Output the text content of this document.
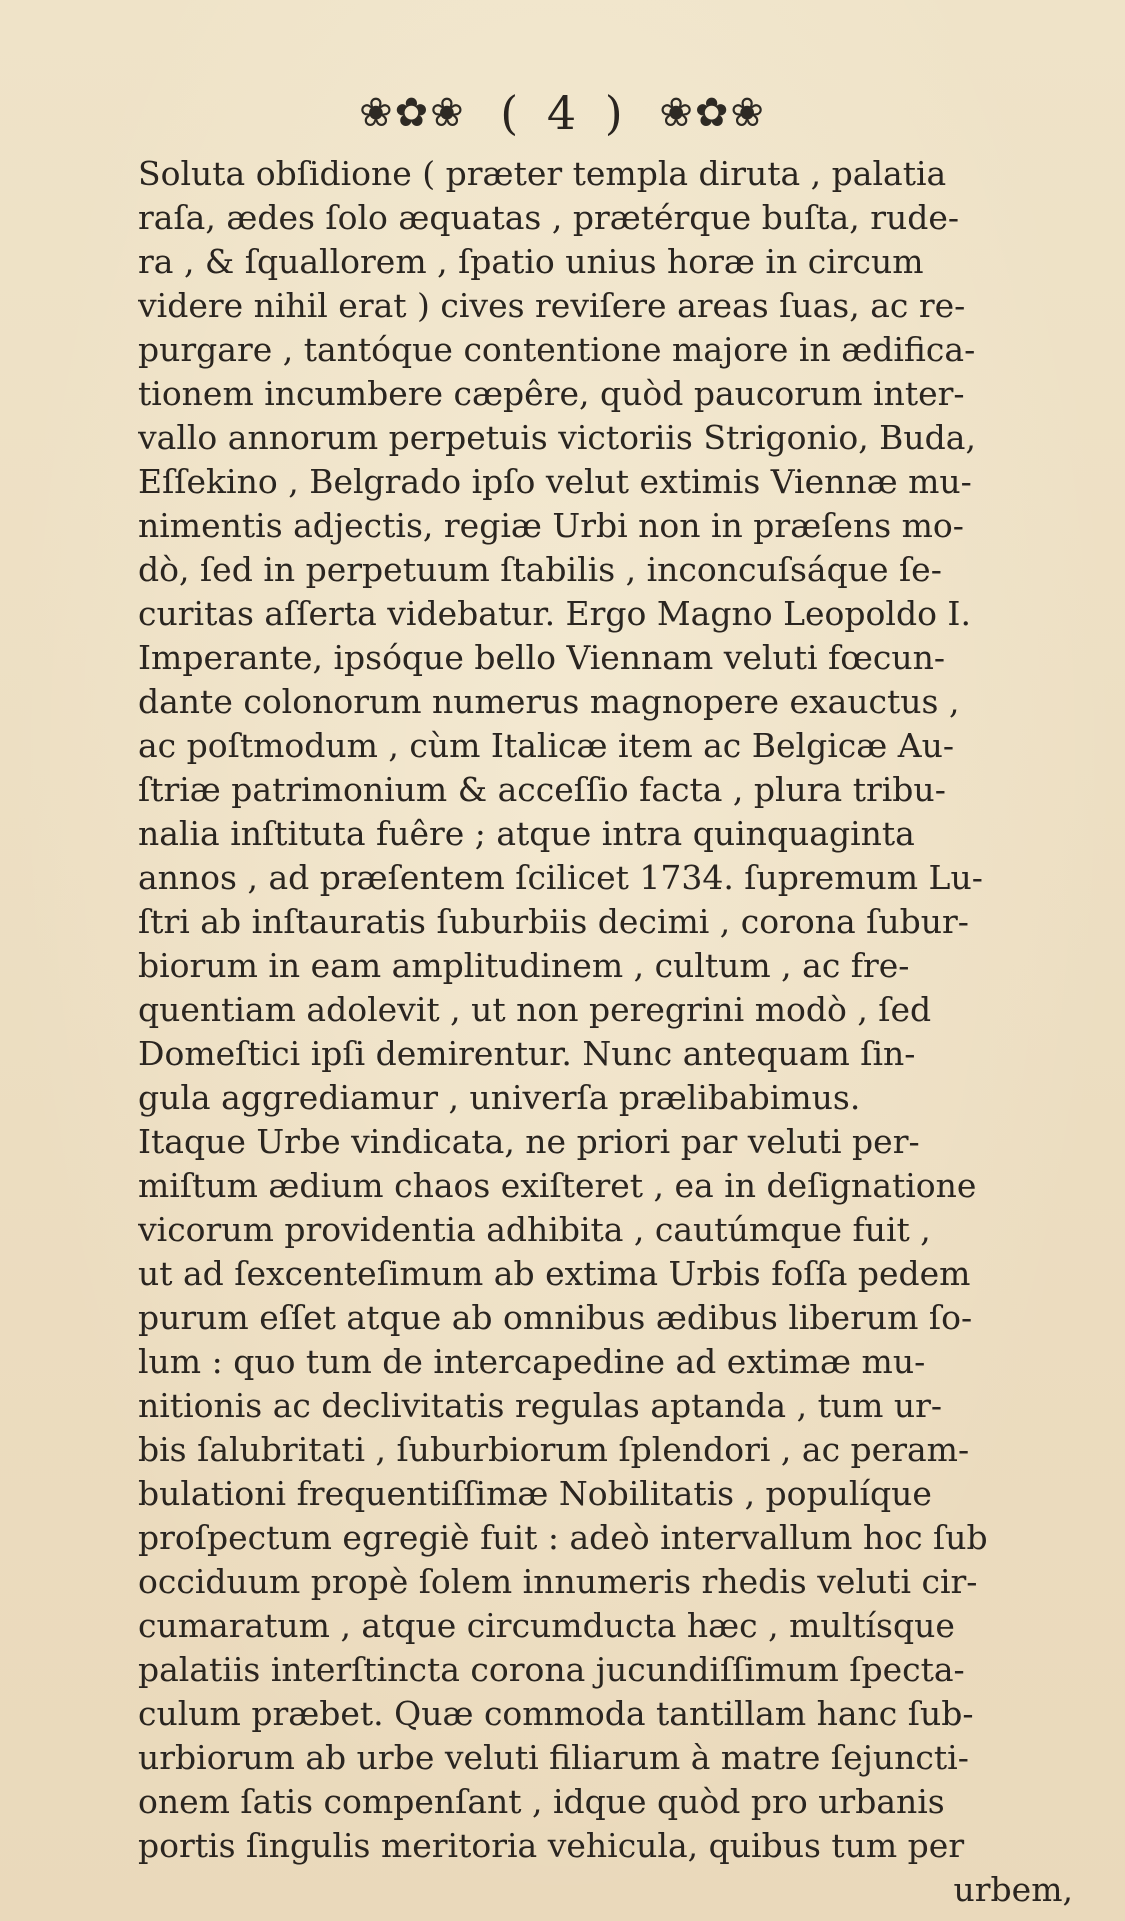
❀✿❀ ( 4 ) ❀✿❀
Soluta obſidione ( præter templa diruta , palatia
raſa, ædes ſolo æquatas , prætérque buſta, rude-
ra , & ſquallorem , ſpatio unius horæ in circum
videre nihil erat ) cives reviſere areas ſuas, ac re-
purgare , tantóque contentione majore in ædifica-
tionem incumbere cæpêre, quòd paucorum inter-
vallo annorum perpetuis victoriis Strigonio, Buda,
Eſſekino , Belgrado ipſo velut extimis Viennæ mu-
nimentis adjectis, regiæ Urbi non in præſens mo-
dò, ſed in perpetuum ſtabilis , inconcuſsáque ſe-
curitas aſſerta videbatur. Ergo Magno Leopoldo I.
Imperante, ipsóque bello Viennam veluti fœcun-
dante colonorum numerus magnopere exauctus ,
ac poſtmodum , cùm Italicæ item ac Belgicæ Au-
ſtriæ patrimonium & acceſſio facta , plura tribu-
nalia inſtituta fuêre ; atque intra quinquaginta
annos , ad præſentem ſcilicet 1734. ſupremum Lu-
ſtri ab inſtauratis ſuburbiis decimi , corona ſubur-
biorum in eam amplitudinem , cultum , ac fre-
quentiam adolevit , ut non peregrini modò , ſed
Domeſtici ipſi demirentur. Nunc antequam ſin-
gula aggrediamur , univerſa prælibabimus.
Itaque Urbe vindicata, ne priori par veluti per-
miſtum ædium chaos exiſteret , ea in deſignatione
vicorum providentia adhibita , cautúmque fuit ,
ut ad ſexcenteſimum ab extima Urbis foſſa pedem
purum eſſet atque ab omnibus ædibus liberum ſo-
lum : quo tum de intercapedine ad extimæ mu-
nitionis ac declivitatis regulas aptanda , tum ur-
bis ſalubritati , ſuburbiorum ſplendori , ac peram-
bulationi frequentiſſimæ Nobilitatis , populíque
proſpectum egregiè fuit : adeò intervallum hoc ſub
occiduum propè ſolem innumeris rhedis veluti cir-
cumaratum , atque circumducta hæc , multísque
palatiis interſtincta corona jucundiſſimum ſpecta-
culum præbet. Quæ commoda tantillam hanc ſub-
urbiorum ab urbe veluti filiarum à matre ſejuncti-
onem ſatis compenſant , idque quòd pro urbanis
portis ſingulis meritoria vehicula, quibus tum per
urbem,
